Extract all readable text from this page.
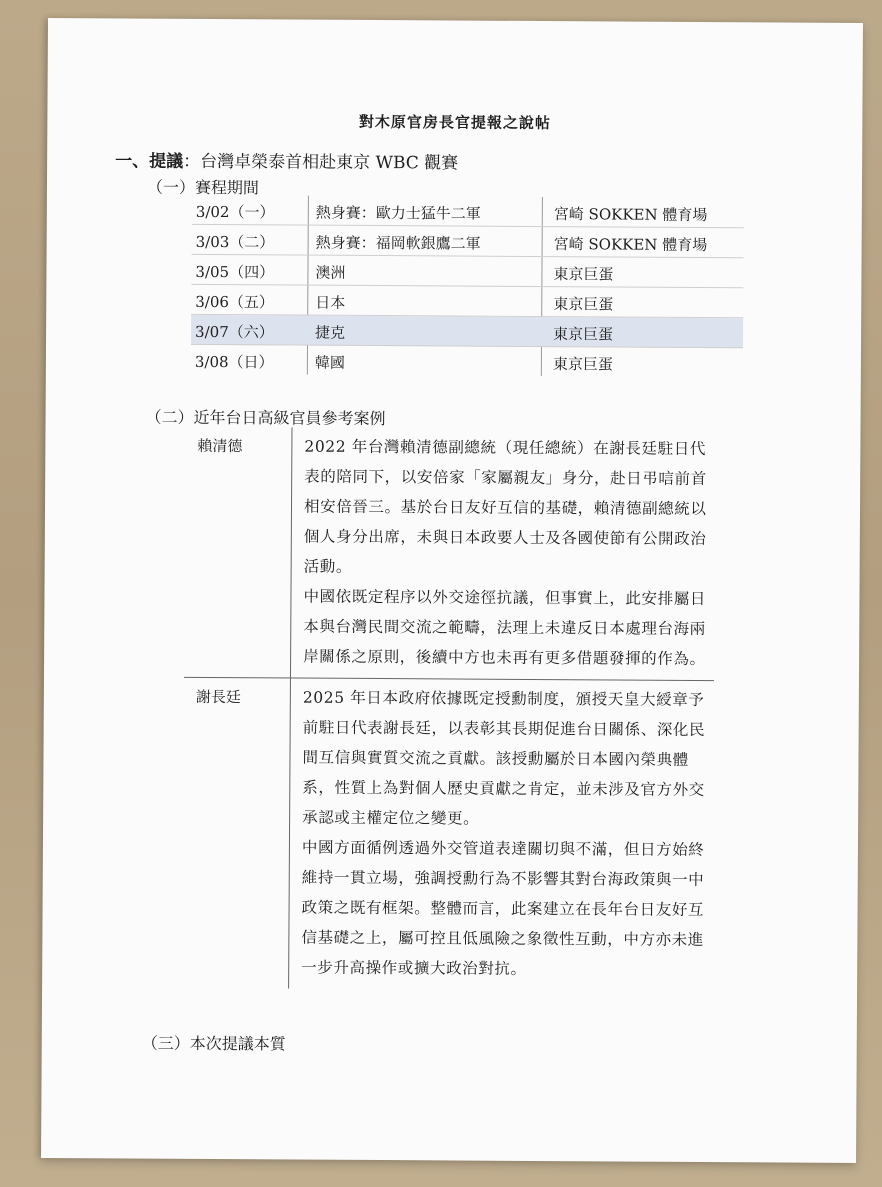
對木原官房長官提報之說帖
一、提議：台灣卓榮泰首相赴東京 WBC 觀賽
（一）賽程期間
3/02（一）	熱身賽：歐力士猛牛二軍	宮崎 SOKKEN 體育場
3/03（二）	熱身賽：福岡軟銀鷹二軍	宮崎 SOKKEN 體育場
3/05（四）	澳洲	東京巨蛋
3/06（五）	日本	東京巨蛋
3/07（六）	捷克	東京巨蛋
3/08（日）	韓國	東京巨蛋
（二）近年台日高級官員參考案例
賴清德	2022 年台灣賴清德副總統（現任總統）在謝長廷駐日代表的陪同下，以安倍家「家屬親友」身分，赴日弔唁前首相安倍晉三。基於台日友好互信的基礎，賴清德副總統以個人身分出席，未與日本政要人士及各國使節有公開政治活動。

中國依既定程序以外交途徑抗議，但事實上，此安排屬日本與台灣民間交流之範疇，法理上未違反日本處理台海兩岸關係之原則，後續中方也未再有更多借題發揮的作為。

謝長廷	2025 年日本政府依據既定授勳制度，頒授天皇大綬章予前駐日代表謝長廷，以表彰其長期促進台日關係、深化民間互信與實質交流之貢獻。該授勳屬於日本國內榮典體系，性質上為對個人歷史貢獻之肯定，並未涉及官方外交承認或主權定位之變更。

中國方面循例透過外交管道表達關切與不滿，但日方始終維持一貫立場，強調授勳行為不影響其對台海政策與一中政策之既有框架。整體而言，此案建立在長年台日友好互信基礎之上，屬可控且低風險之象徵性互動，中方亦未進一步升高操作或擴大政治對抗。

（三）本次提議本質
